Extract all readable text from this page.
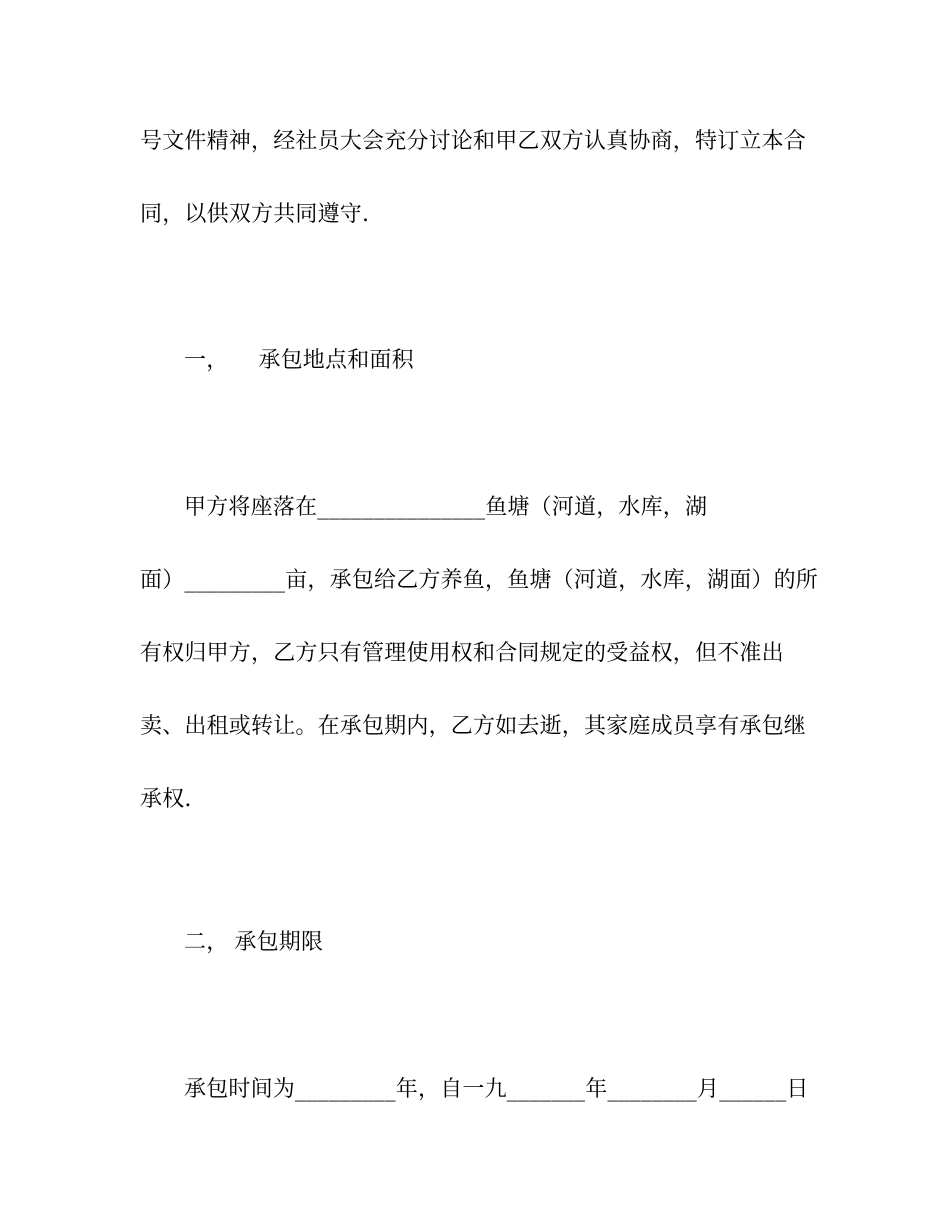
号文件精神，经社员大会充分讨论和甲乙双方认真协商，特订立本合
同，以供双方共同遵守.
一， 承包地点和面积
甲方将座落在_______________鱼塘（河道，水库，湖
面）_________亩，承包给乙方养鱼，鱼塘（河道，水库，湖面）的所
有权归甲方，乙方只有管理使用权和合同规定的受益权，但不准出
卖、出租或转让。在承包期内，乙方如去逝，其家庭成员享有承包继
承权.
二， 承包期限
承包时间为_________年，自一九_______年________月______日
